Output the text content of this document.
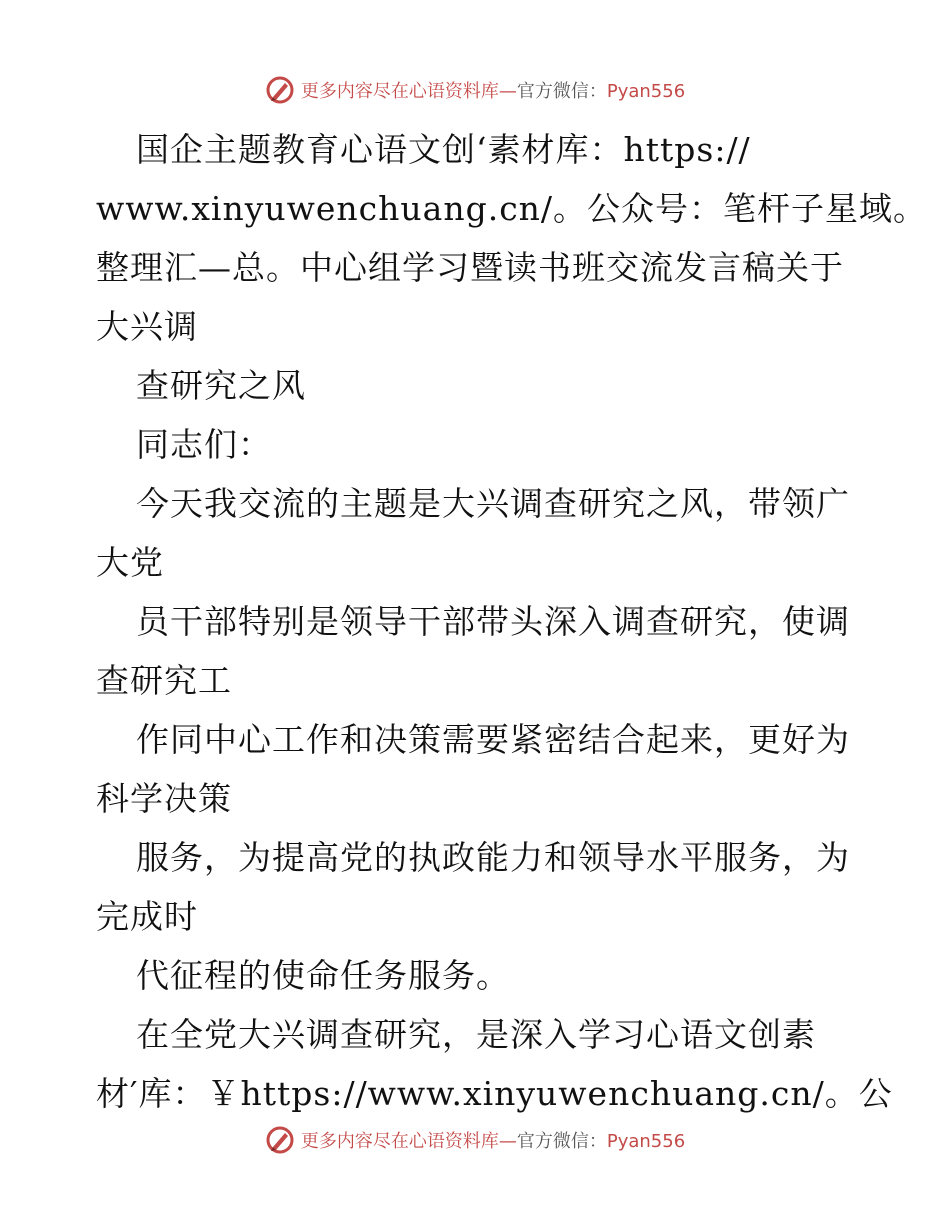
更多内容尽在心语资料库—官方微信：Pyan556
国企主题教育心语文创‘素材库：https://
www.xinyuwenchuang.cn/。公众号：笔杆子星域。
整理汇—总。中心组学习暨读书班交流发言稿关于
大兴调
查研究之风
同志们：
今天我交流的主题是大兴调查研究之风，带领广
大党
员干部特别是领导干部带头深入调查研究，使调
查研究工
作同中心工作和决策需要紧密结合起来，更好为
科学决策
服务，为提高党的执政能力和领导水平服务，为
完成时
代征程的使命任务服务。
在全党大兴调查研究，是深入学习心语文创素
材′库：￥https://www.xinyuwenchuang.cn/。公
更多内容尽在心语资料库—官方微信：Pyan556
